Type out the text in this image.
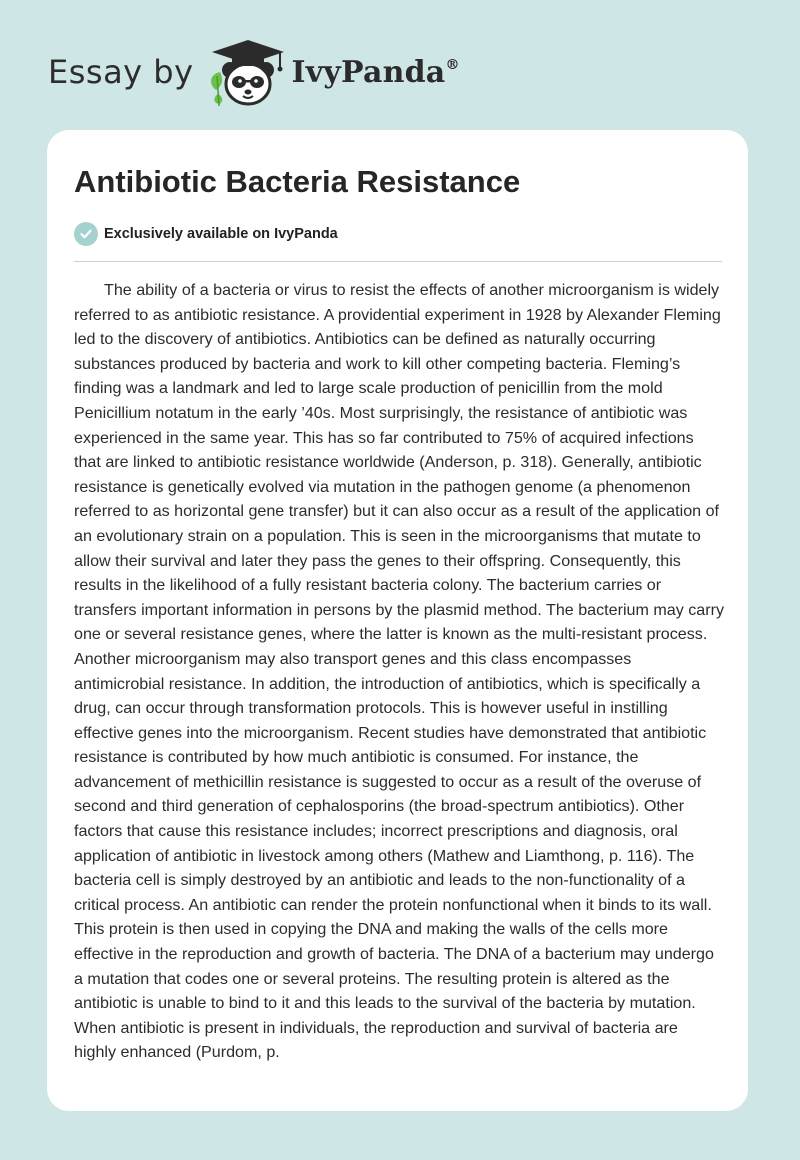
Essay by	IvyPanda®
Antibiotic Bacteria Resistance
Exclusively available on IvyPanda

The ability of a bacteria or virus to resist the effects of another microorganism is widely referred to as antibiotic resistance. A providential experiment in 1928 by Alexander Fleming led to the discovery of antibiotics. Antibiotics can be defined as naturally occurring substances produced by bacteria and work to kill other competing bacteria. Fleming’s finding was a landmark and led to large scale production of penicillin from the mold Penicillium notatum in the early ’40s. Most surprisingly, the resistance of antibiotic was experienced in the same year. This has so far contributed to 75% of acquired infections that are linked to antibiotic resistance worldwide (Anderson, p. 318). Generally, antibiotic resistance is genetically evolved via mutation in the pathogen genome (a phenomenon referred to as horizontal gene transfer) but it can also occur as a result of the application of an evolutionary strain on a population. This is seen in the microorganisms that mutate to allow their survival and later they pass the genes to their offspring. Consequently, this results in the likelihood of a fully resistant bacteria colony. The bacterium carries or transfers important information in persons by the plasmid method. The bacterium may carry one or several resistance genes, where the latter is known as the multi-resistant process. Another microorganism may also transport genes and this class encompasses antimicrobial resistance. In addition, the introduction of antibiotics, which is specifically a drug, can occur through transformation protocols. This is however useful in instilling effective genes into the microorganism. Recent studies have demonstrated that antibiotic resistance is contributed by how much antibiotic is consumed. For instance, the advancement of methicillin resistance is suggested to occur as a result of the overuse of second and third generation of cephalosporins (the broad-spectrum antibiotics). Other factors that cause this resistance includes; incorrect prescriptions and diagnosis, oral application of antibiotic in livestock among others (Mathew and Liamthong, p. 116). The bacteria cell is simply destroyed by an antibiotic and leads to the non-functionality of a critical process. An antibiotic can render the protein nonfunctional when it binds to its wall. This protein is then used in copying the DNA and making the walls of the cells more effective in the reproduction and growth of bacteria. The DNA of a bacterium may undergo a mutation that codes one or several proteins. The resulting protein is altered as the antibiotic is unable to bind to it and this leads to the survival of the bacteria by mutation. When antibiotic is present in individuals, the reproduction and survival of bacteria are highly enhanced (Purdom, p.
